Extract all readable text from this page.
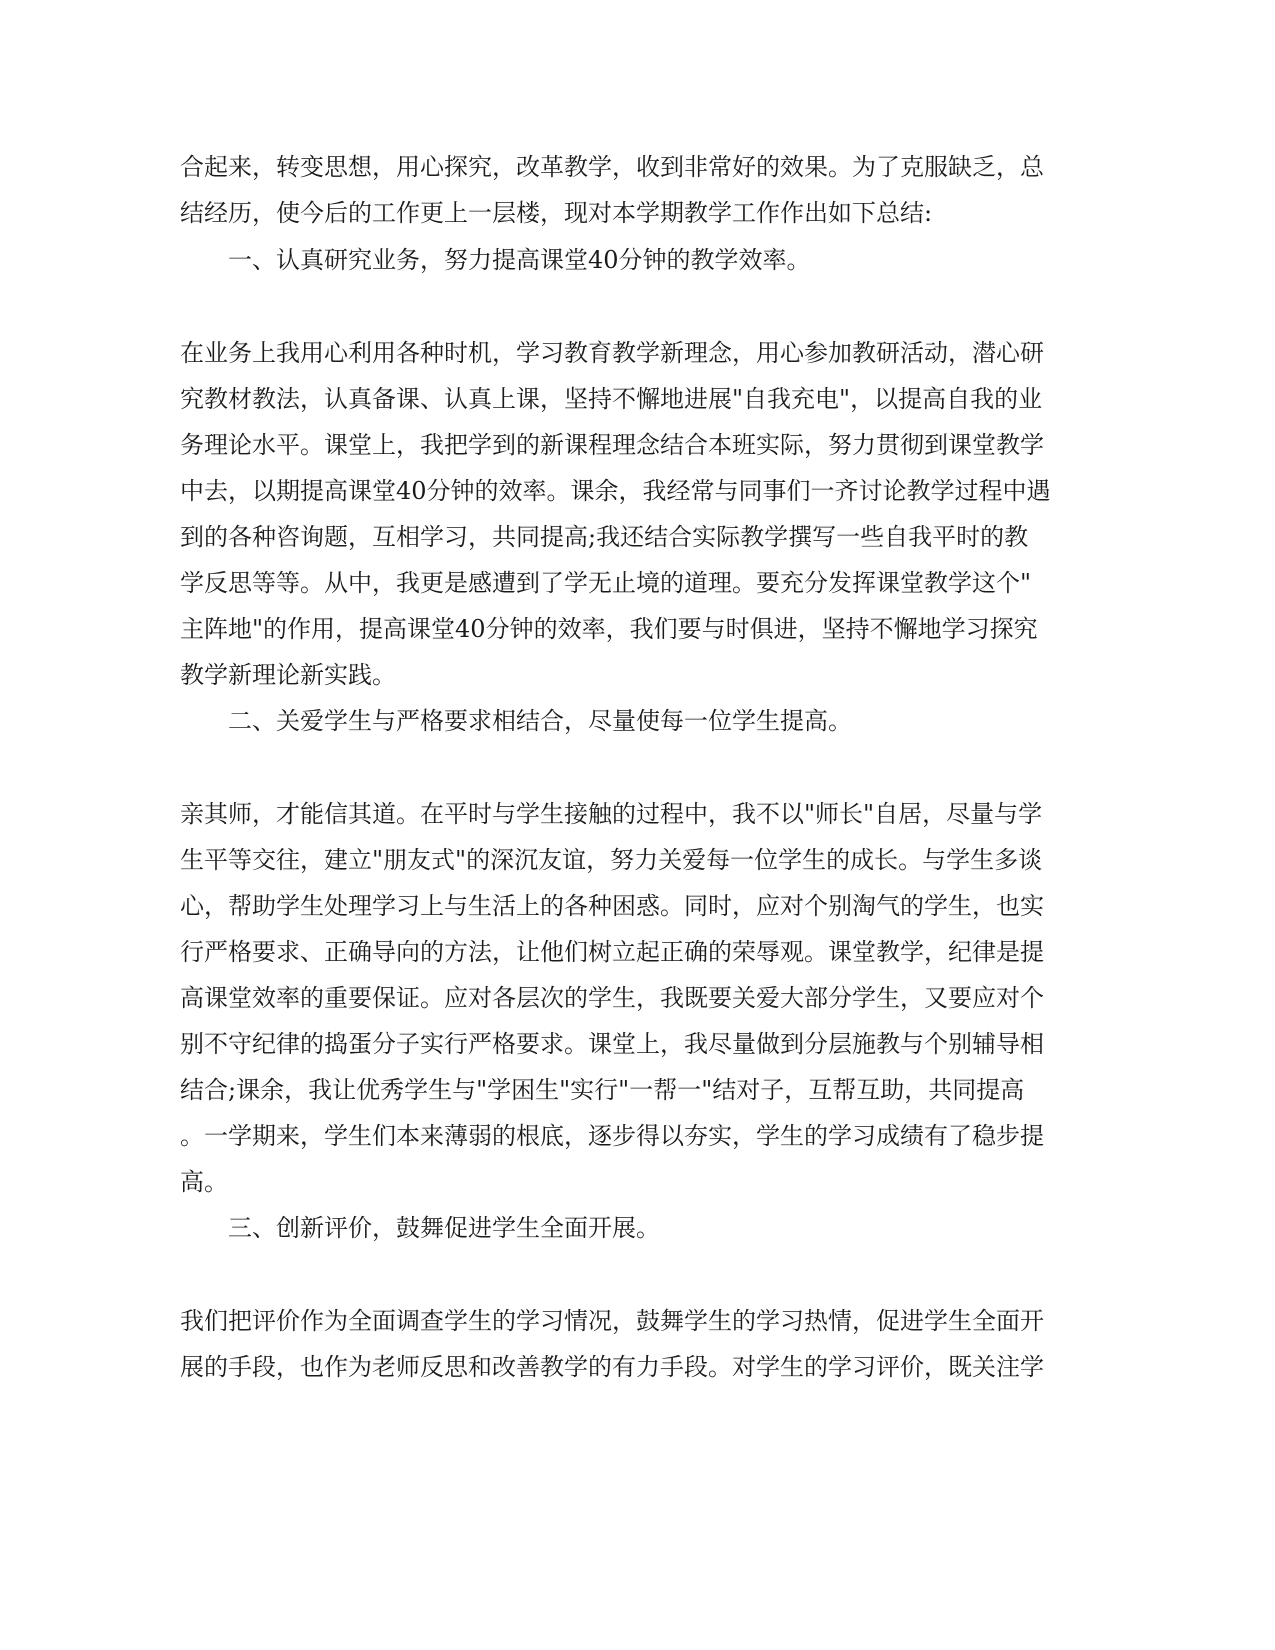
合起来，转变思想，用心探究，改革教学，收到非常好的效果。为了克服缺乏，总

结经历，使今后的工作更上一层楼，现对本学期教学工作作出如下总结:

一、认真研究业务，努力提高课堂40分钟的教学效率。

在业务上我用心利用各种时机，学习教育教学新理念，用心参加教研活动，潜心研

究教材教法，认真备课、认真上课，坚持不懈地进展"自我充电"，以提高自我的业

务理论水平。课堂上，我把学到的新课程理念结合本班实际，努力贯彻到课堂教学

中去，以期提高课堂40分钟的效率。课余，我经常与同事们一齐讨论教学过程中遇

到的各种咨询题，互相学习，共同提高;我还结合实际教学撰写一些自我平时的教

学反思等等。从中，我更是感遭到了学无止境的道理。要充分发挥课堂教学这个"

主阵地"的作用，提高课堂40分钟的效率，我们要与时俱进，坚持不懈地学习探究

教学新理论新实践。

二、关爱学生与严格要求相结合，尽量使每一位学生提高。

亲其师，才能信其道。在平时与学生接触的过程中，我不以"师长"自居，尽量与学

生平等交往，建立"朋友式"的深沉友谊，努力关爱每一位学生的成长。与学生多谈

心，帮助学生处理学习上与生活上的各种困惑。同时，应对个别淘气的学生，也实

行严格要求、正确导向的方法，让他们树立起正确的荣辱观。课堂教学，纪律是提

高课堂效率的重要保证。应对各层次的学生，我既要关爱大部分学生，又要应对个

别不守纪律的捣蛋分子实行严格要求。课堂上，我尽量做到分层施教与个别辅导相

结合;课余，我让优秀学生与"学困生"实行"一帮一"结对子，互帮互助，共同提高

。一学期来，学生们本来薄弱的根底，逐步得以夯实，学生的学习成绩有了稳步提

高。

三、创新评价，鼓舞促进学生全面开展。

我们把评价作为全面调查学生的学习情况，鼓舞学生的学习热情，促进学生全面开

展的手段，也作为老师反思和改善教学的有力手段。对学生的学习评价，既关注学
